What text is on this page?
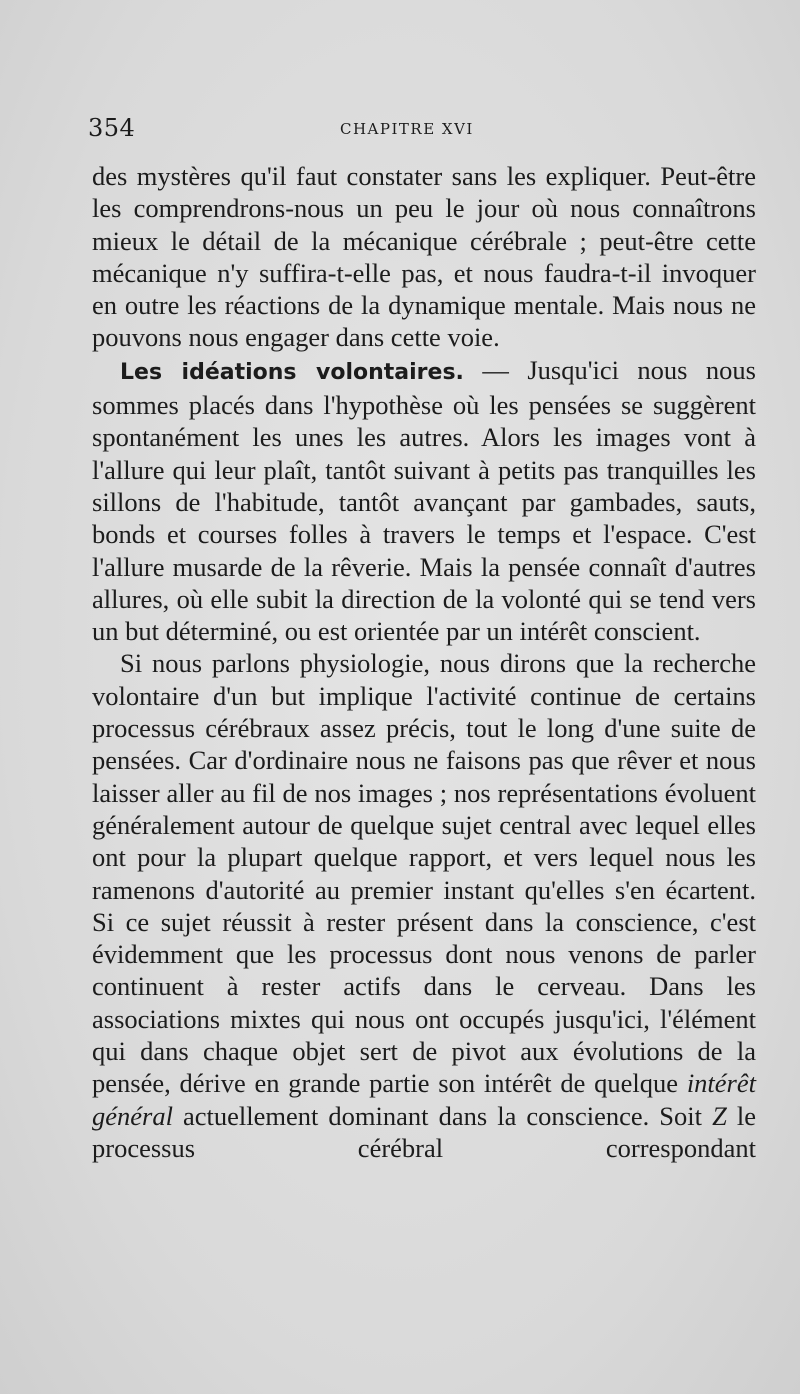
354	CHAPITRE XVI

des mystères qu'il faut constater sans les expliquer. Peut-être les comprendrons-nous un peu le jour où nous connaîtrons mieux le détail de la mécanique cérébrale ; peut-être cette mécanique n'y suffira-t-elle pas, et nous faudra-t-il invoquer en outre les réactions de la dynamique mentale. Mais nous ne pouvons nous engager dans cette voie.

Les idéations volontaires. — Jusqu'ici nous nous sommes placés dans l'hypothèse où les pensées se suggèrent spontanément les unes les autres. Alors les images vont à l'allure qui leur plaît, tantôt suivant à petits pas tranquilles les sillons de l'habitude, tantôt avançant par gambades, sauts, bonds et courses folles à travers le temps et l'espace. C'est l'allure musarde de la rêverie. Mais la pensée connaît d'autres allures, où elle subit la direction de la volonté qui se tend vers un but déterminé, ou est orientée par un intérêt conscient.

Si nous parlons physiologie, nous dirons que la recherche volontaire d'un but implique l'activité continue de certains processus cérébraux assez précis, tout le long d'une suite de pensées. Car d'ordinaire nous ne faisons pas que rêver et nous laisser aller au fil de nos images ; nos représentations évoluent généralement autour de quelque sujet central avec lequel elles ont pour la plupart quelque rapport, et vers lequel nous les ramenons d'autorité au premier instant qu'elles s'en écartent. Si ce sujet réussit à rester présent dans la conscience, c'est évidemment que les processus dont nous venons de parler continuent à rester actifs dans le cerveau. Dans les associations mixtes qui nous ont occupés jusqu'ici, l'élément qui dans chaque objet sert de pivot aux évolutions de la pensée, dérive en grande partie son intérêt de quelque intérêt général actuellement dominant dans la conscience. Soit Z le processus cérébral correspondant
